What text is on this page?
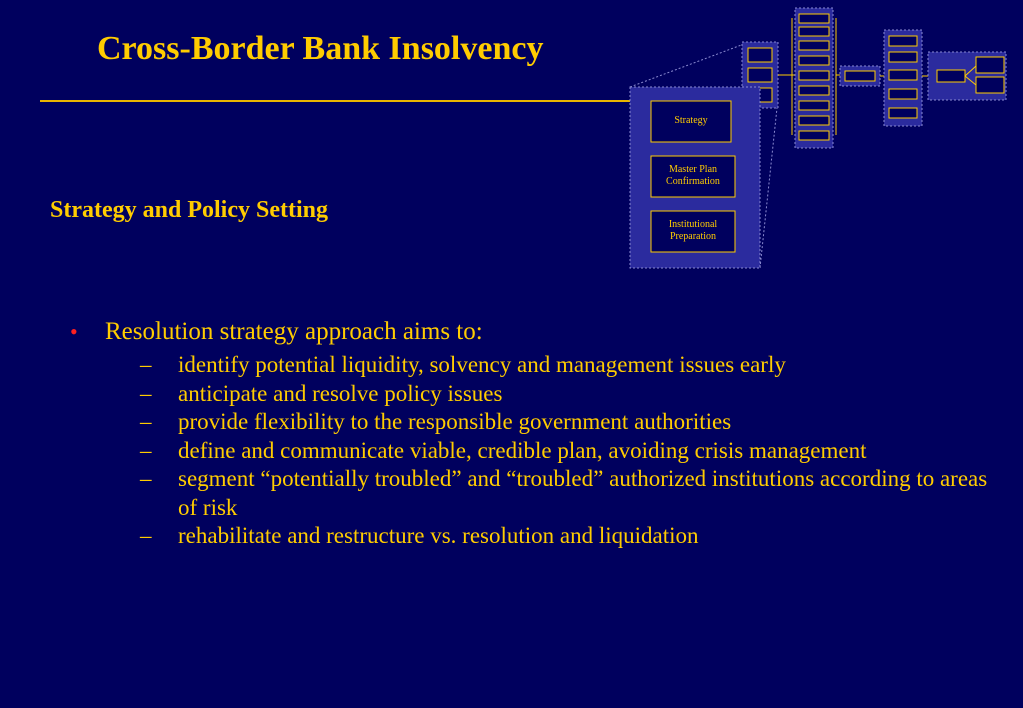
Cross-Border Bank Insolvency
Strategy
Master Plan
Confirmation
Institutional
Preparation
Strategy and Policy Setting
• Resolution strategy approach aims to:
– identify potential liquidity, solvency and management issues early
– anticipate and resolve policy issues
– provide flexibility to the responsible government authorities
– define and communicate viable, credible plan, avoiding crisis management
– segment “potentially troubled” and “troubled” authorized institutions according to areas of risk
– rehabilitate and restructure vs. resolution and liquidation
